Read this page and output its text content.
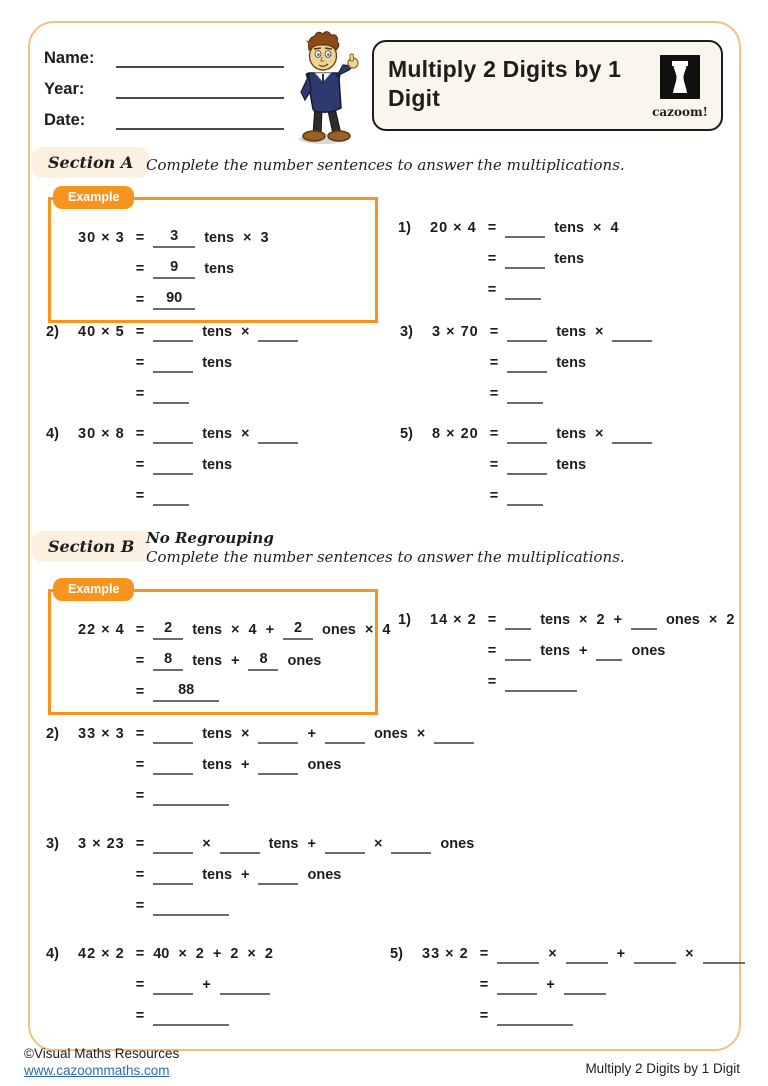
Name:
Year:
Date:
Multiply 2 Digits by 1 Digit
cazoom!
Section A Complete the number sentences to answer the multiplications.
Example
30 × 3 =	3	tens × 3
=	9	tens
=	90
1)	20 × 4 =	tens × 4
=	tens
=
2)	40 × 5 =	tens ×
=	tens
=
3)	3 × 70 =	tens ×
=	tens
=
4)	30 × 8 =	tens ×
=	tens
=
5)	8 × 20 =	tens ×
=	tens
=
Section B No Regrouping
Complete the number sentences to answer the multiplications.
Example
22 × 4 =	2	tens × 4 +	2	ones × 4
=	8	tens +	8	ones
=	88
1)	14 × 2 =	tens × 2 +	ones × 2
=	tens +	ones
=
2)	33 × 3 =	tens ×	+	ones ×
=	tens +	ones
=
3)	3 × 23 =	×	tens +	×	ones
=	tens +	ones
=
4)	42 × 2 = 40 × 2 + 2 × 2
=	+
=
5)	33 × 2 =	×	+	×
=	+
=
©Visual Maths Resources
www.cazoommaths.com	Multiply 2 Digits by 1 Digit
